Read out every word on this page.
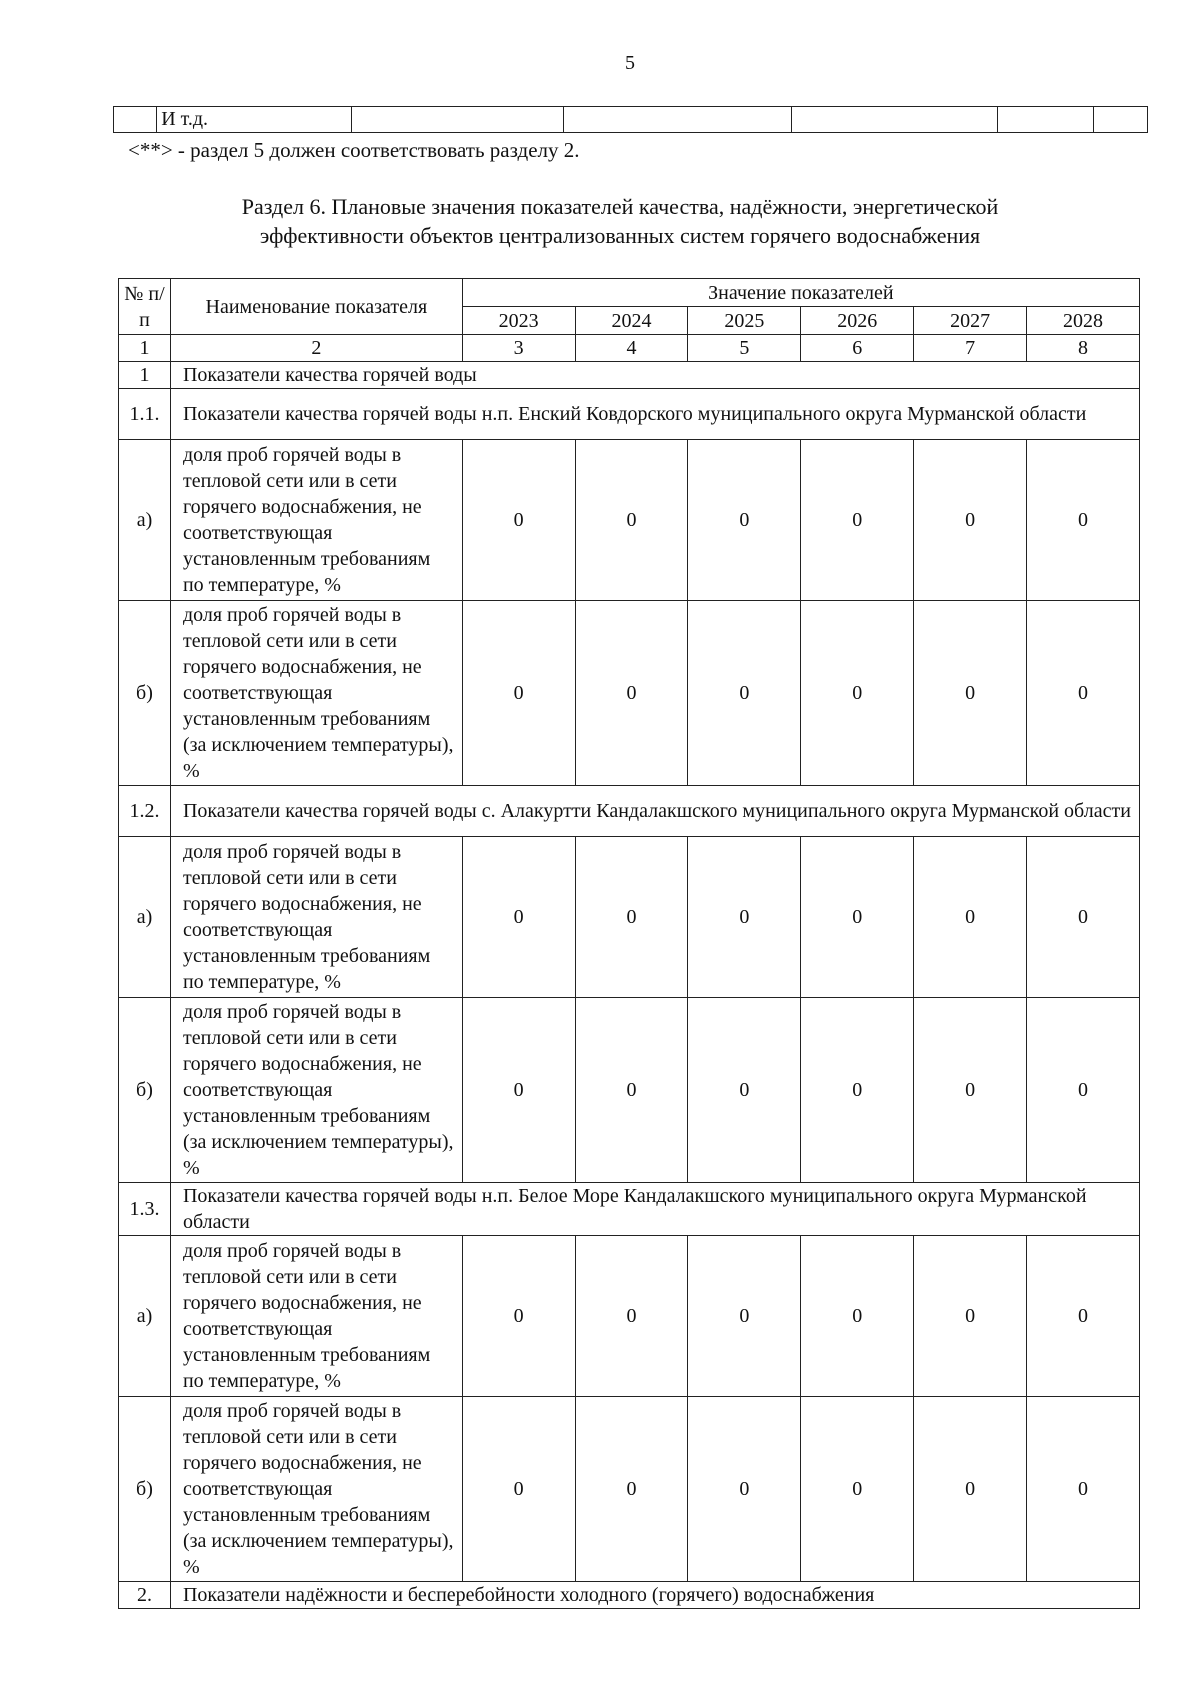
5
	И т.д.					
<**> - раздел 5 должен соответствовать разделу 2.
Раздел 6. Плановые значения показателей качества, надёжности, энергетической
эффективности объектов централизованных систем горячего водоснабжения
№ п/п	Наименование показателя	Значение показателей					
		2023	2024	2025	2026	2027	2028
1	2	3	4	5	6	7	8
1	Показатели качества горячей воды						
1.1.	Показатели качества горячей воды н.п. Енский Ковдорского муниципального округа Мурманской области						
а)	доля проб горячей воды в тепловой сети или в сети горячего водоснабжения, не соответствующая установленным требованиям по температуре, %	0	0	0	0	0	0
б)	доля проб горячей воды в тепловой сети или в сети горячего водоснабжения, не соответствующая установленным требованиям (за исключением температуры), %	0	0	0	0	0	0
1.2.	Показатели качества горячей воды с. Алакуртти Кандалакшского муниципального округа Мурманской области						
а)	доля проб горячей воды в тепловой сети или в сети горячего водоснабжения, не соответствующая установленным требованиям по температуре, %	0	0	0	0	0	0
б)	доля проб горячей воды в тепловой сети или в сети горячего водоснабжения, не соответствующая установленным требованиям (за исключением температуры), %	0	0	0	0	0	0
1.3.	Показатели качества горячей воды н.п. Белое Море Кандалакшского муниципального округа Мурманской области						
а)	доля проб горячей воды в тепловой сети или в сети горячего водоснабжения, не соответствующая установленным требованиям по температуре, %	0	0	0	0	0	0
б)	доля проб горячей воды в тепловой сети или в сети горячего водоснабжения, не соответствующая установленным требованиям (за исключением температуры), %	0	0	0	0	0	0
2.	Показатели надёжности и бесперебойности холодного (горячего) водоснабжения						
